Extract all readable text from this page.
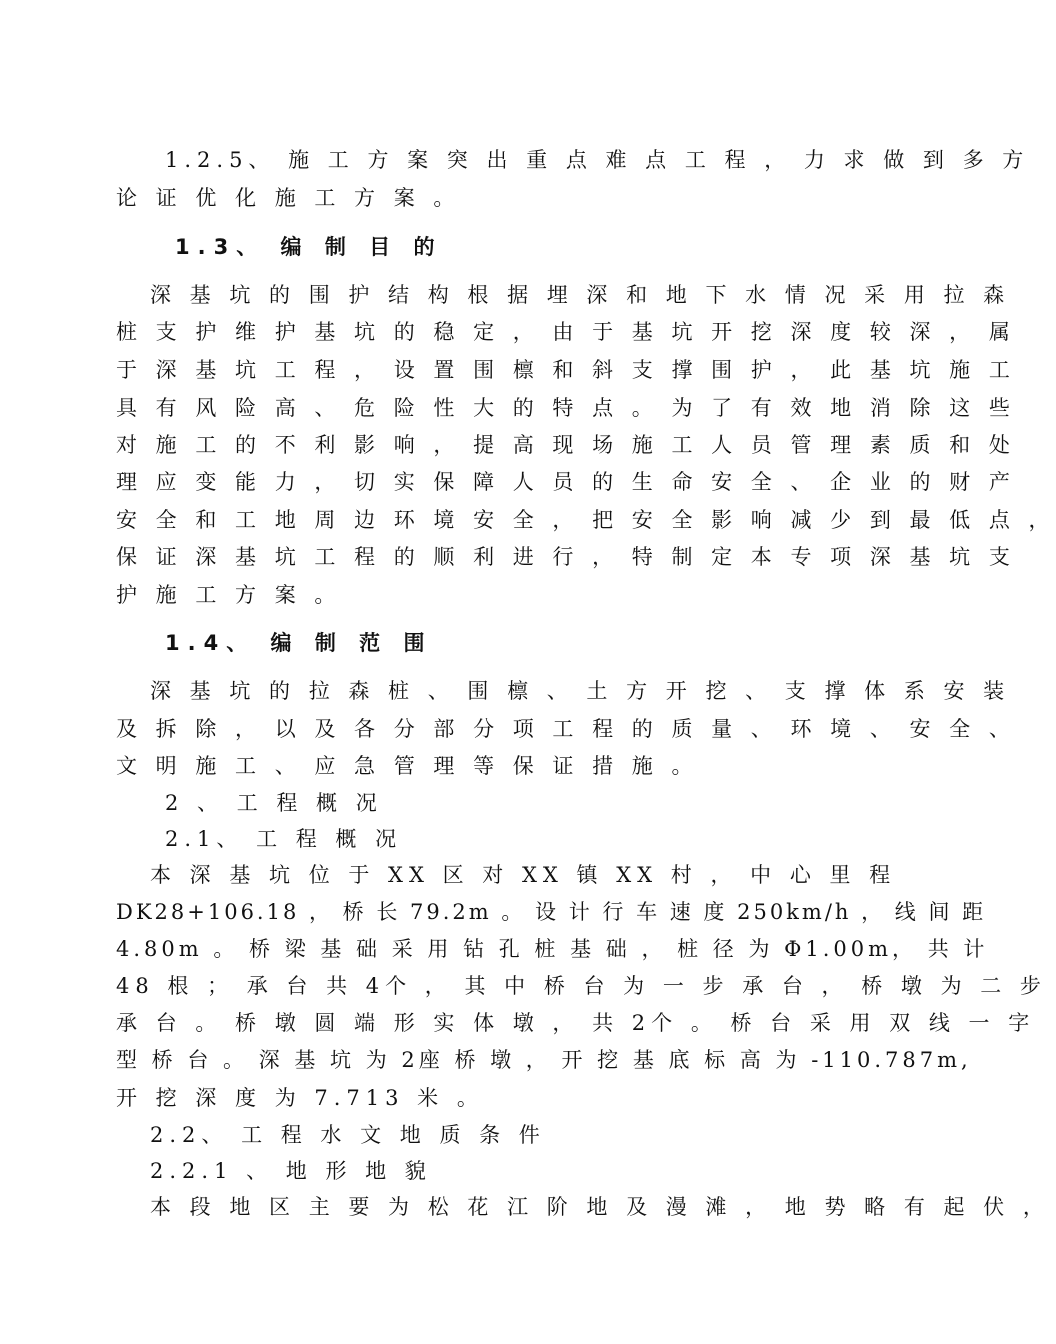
1.2.5、 施 工 方 案 突 出 重 点 难 点 工 程 ， 力 求 做 到 多 方
论 证 优 化 施 工 方 案 。
1.3、 编 制 目 的
深 基 坑 的 围 护 结 构 根 据 埋 深 和 地 下 水 情 况 采 用 拉 森
桩 支 护 维 护 基 坑 的 稳 定 ， 由 于 基 坑 开 挖 深 度 较 深 ， 属
于 深 基 坑 工 程 ， 设 置 围 檩 和 斜 支 撑 围 护 ， 此 基 坑 施 工
具 有 风 险 高 、 危 险 性 大 的 特 点 。 为 了 有 效 地 消 除 这 些
对 施 工 的 不 利 影 响 ， 提 高 现 场 施 工 人 员 管 理 素 质 和 处
理 应 变 能 力 ， 切 实 保 障 人 员 的 生 命 安 全 、 企 业 的 财 产
安 全 和 工 地 周 边 环 境 安 全 ， 把 安 全 影 响 减 少 到 最 低 点 ，
保 证 深 基 坑 工 程 的 顺 利 进 行 ， 特 制 定 本 专 项 深 基 坑 支
护 施 工 方 案 。
1.4、 编 制 范 围
深 基 坑 的 拉 森 桩 、 围 檩 、 土 方 开 挖 、 支 撑 体 系 安 装
及 拆 除 ， 以 及 各 分 部 分 项 工 程 的 质 量 、 环 境 、 安 全 、
文 明 施 工 、 应 急 管 理 等 保 证 措 施 。
2 、 工 程 概 况
2.1、 工 程 概 况
本 深 基 坑 位 于 XX 区 对 XX 镇 XX 村 ， 中 心 里 程
DK28+106.18 ， 桥 长 79.2m 。 设 计 行 车 速 度 250km/h ， 线 间 距
4.80m 。 桥 梁 基 础 采 用 钻 孔 桩 基 础 ， 桩 径 为 Φ1.00m， 共 计
48 根 ； 承 台 共 4个 ， 其 中 桥 台 为 一 步 承 台 ， 桥 墩 为 二 步
承 台 。 桥 墩 圆 端 形 实 体 墩 ， 共 2个 。 桥 台 采 用 双 线 一 字
型 桥 台 。 深 基 坑 为 2座 桥 墩 ， 开 挖 基 底 标 高 为 -110.787m,
开 挖 深 度 为 7.713 米 。
2.2、 工 程 水 文 地 质 条 件
2.2.1 、 地 形 地 貌
本 段 地 区 主 要 为 松 花 江 阶 地 及 漫 滩 ， 地 势 略 有 起 伏 ，
